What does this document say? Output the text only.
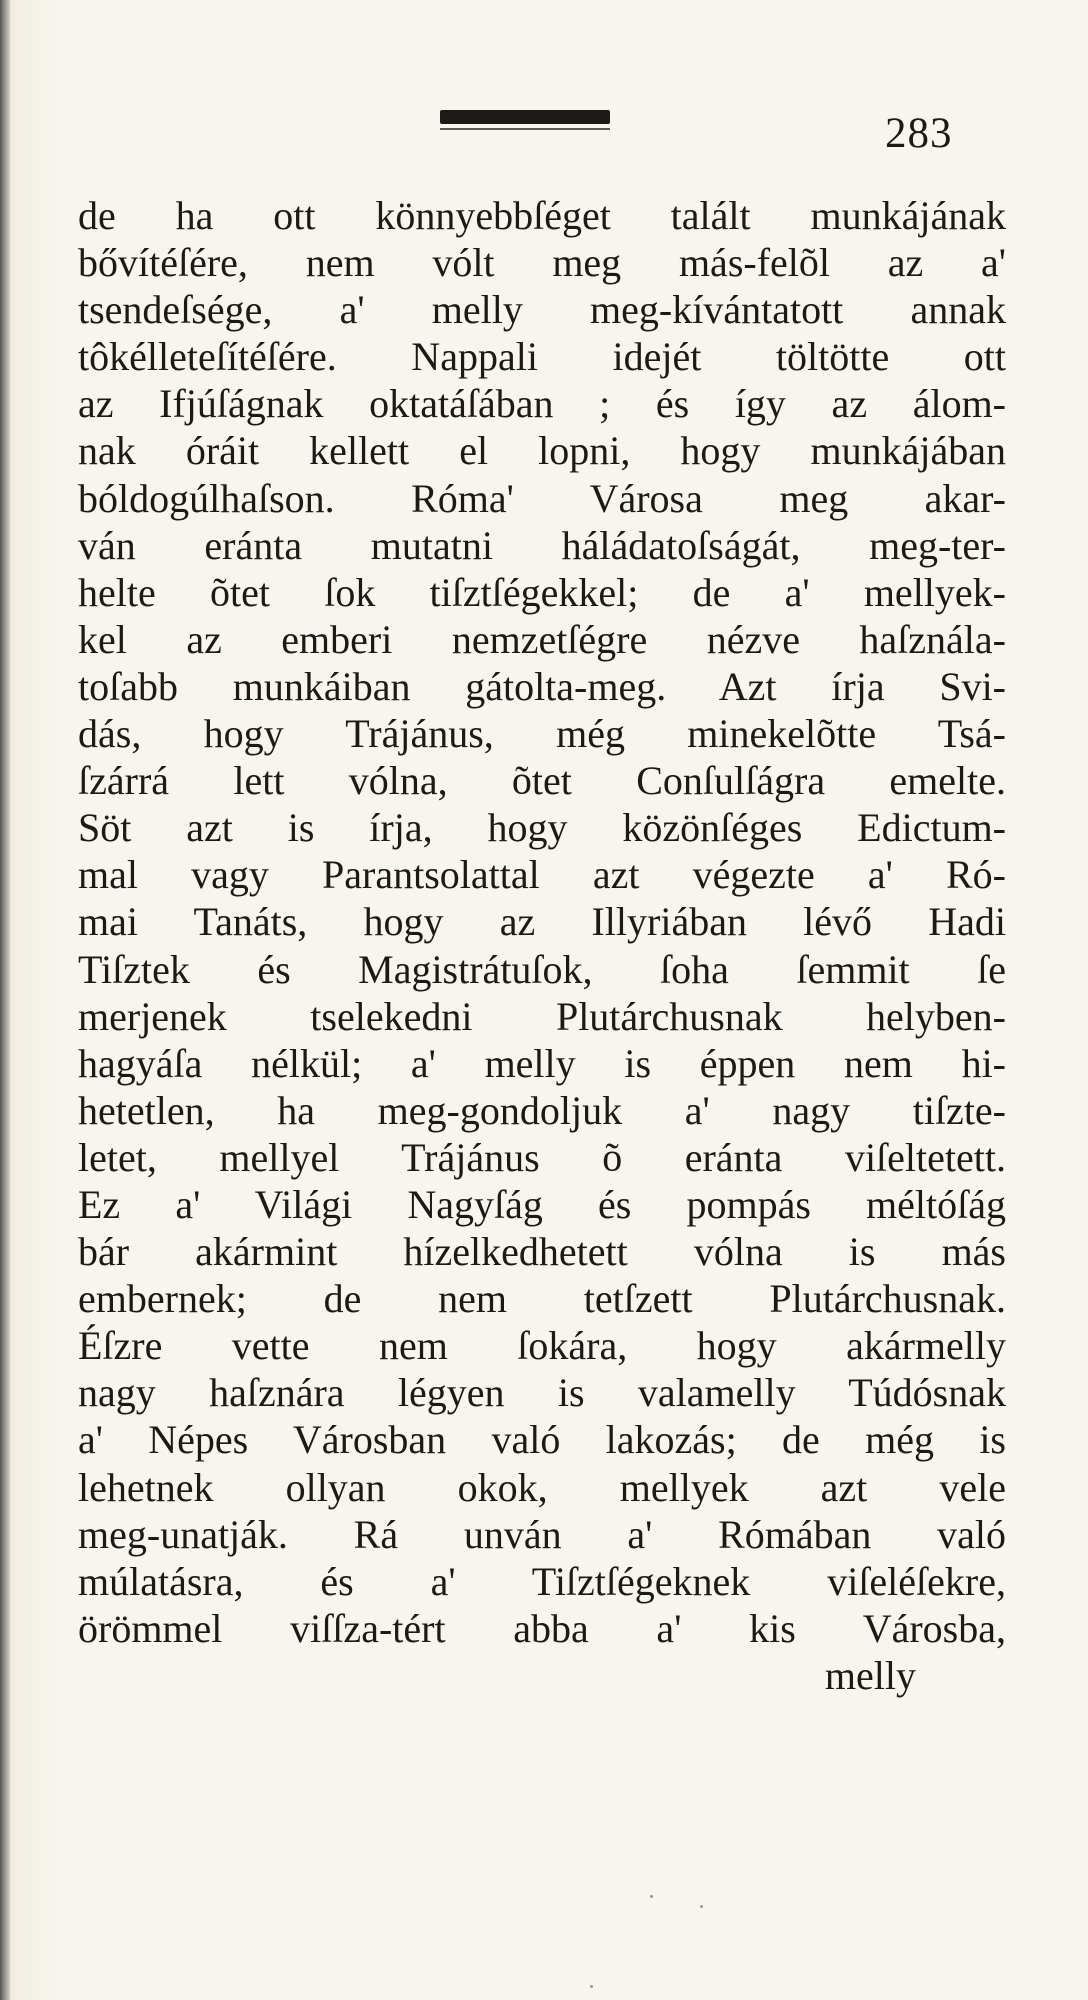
283
de ha ott könnyebbſéget talált munkájának
bővítéſére, nem vólt meg más-felõl az a'
tsendeſsége, a' melly meg-kívántatott annak
tôkélleteſítéſére. Nappali idejét töltötte ott
az Ifjúſágnak oktatáſában ; és így az álom-
nak óráit kellett el lopni, hogy munkájában
bóldogúlhaſson. Róma' Városa meg akar-
ván eránta mutatni háládatoſságát, meg-ter-
helte õtet ſok tiſztſégekkel; de a' mellyek-
kel az emberi nemzetſégre nézve haſznála-
toſabb munkáiban gátolta-meg. Azt írja Svi-
dás, hogy Trájánus, még minekelõtte Tsá-
ſzárrá lett vólna, õtet Conſulſágra emelte.
Söt azt is írja, hogy közönſéges Edictum-
mal vagy Parantsolattal azt végezte a' Ró-
mai Tanáts, hogy az Illyriában lévő Hadi
Tiſztek és Magistrátuſok, ſoha ſemmit ſe
merjenek tselekedni Plutárchusnak helyben-
hagyáſa nélkül; a' melly is éppen nem hi-
hetetlen, ha meg-gondoljuk a' nagy tiſzte-
letet, mellyel Trájánus õ eránta viſeltetett.
Ez a' Világi Nagyſág és pompás méltóſág
bár akármint hízelkedhetett vólna is más
embernek; de nem tetſzett Plutárchusnak.
Éſzre vette nem ſokára, hogy akármelly
nagy haſznára légyen is valamelly Túdósnak
a' Népes Városban való lakozás; de még is
lehetnek ollyan okok, mellyek azt vele
meg-unatják. Rá unván a' Rómában való
múlatásra, és a' Tiſztſégeknek viſeléſekre,
örömmel viſſza-tért abba a' kis Városba,
melly
